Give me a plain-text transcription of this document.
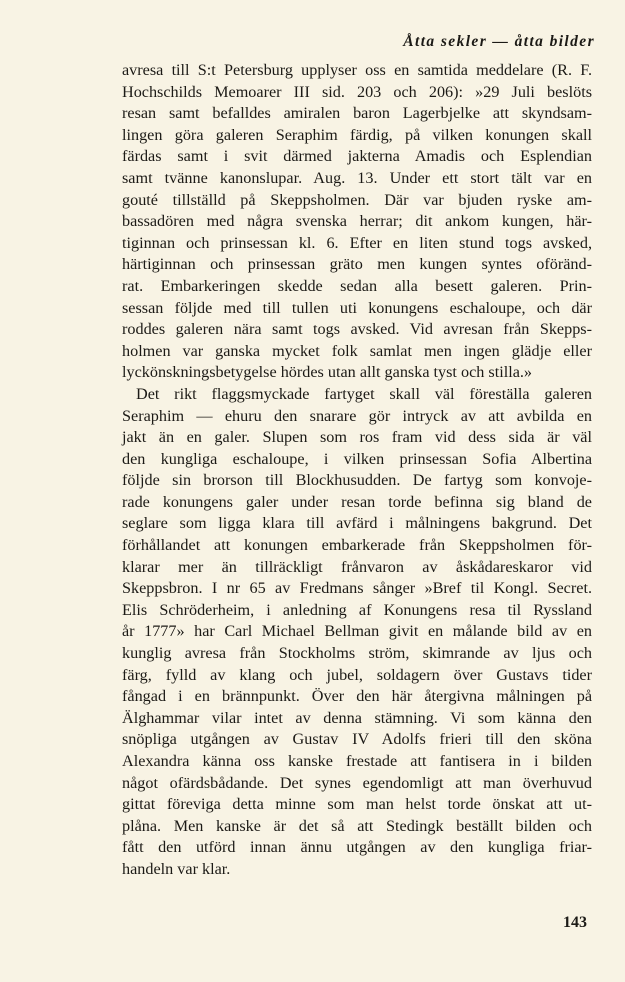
Åtta sekler — åtta bilder
avresa till S:t Petersburg upplyser oss en samtida meddelare (R. F.
Hochschilds Memoarer III sid. 203 och 206): »29 Juli beslöts
resan samt befalldes amiralen baron Lagerbjelke att skyndsam-
lingen göra galeren Seraphim färdig, på vilken konungen skall
färdas samt i svit därmed jakterna Amadis och Esplendian
samt tvänne kanonslupar. Aug. 13. Under ett stort tält var en
gouté tillställd på Skeppsholmen. Där var bjuden ryske am-
bassadören med några svenska herrar; dit ankom kungen, här-
tiginnan och prinsessan kl. 6. Efter en liten stund togs avsked,
härtiginnan och prinsessan gräto men kungen syntes oföränd-
rat. Embarkeringen skedde sedan alla besett galeren. Prin-
sessan följde med till tullen uti konungens eschaloupe, och där
roddes galeren nära samt togs avsked. Vid avresan från Skepps-
holmen var ganska mycket folk samlat men ingen glädje eller
lyckönskningsbetygelse hördes utan allt ganska tyst och stilla.»
Det rikt flaggsmyckade fartyget skall väl föreställa galeren
Seraphim — ehuru den snarare gör intryck av att avbilda en
jakt än en galer. Slupen som ros fram vid dess sida är väl
den kungliga eschaloupe, i vilken prinsessan Sofia Albertina
följde sin brorson till Blockhusudden. De fartyg som konvoje-
rade konungens galer under resan torde befinna sig bland de
seglare som ligga klara till avfärd i målningens bakgrund. Det
förhållandet att konungen embarkerade från Skeppsholmen för-
klarar mer än tillräckligt frånvaron av åskådareskaror vid
Skeppsbron. I nr 65 av Fredmans sånger »Bref til Kongl. Secret.
Elis Schröderheim, i anledning af Konungens resa til Ryssland
år 1777» har Carl Michael Bellman givit en målande bild av en
kunglig avresa från Stockholms ström, skimrande av ljus och
färg, fylld av klang och jubel, soldagern över Gustavs tider
fångad i en brännpunkt. Över den här återgivna målningen på
Älghammar vilar intet av denna stämning. Vi som känna den
snöpliga utgången av Gustav IV Adolfs frieri till den sköna
Alexandra känna oss kanske frestade att fantisera in i bilden
något ofärdsbådande. Det synes egendomligt att man överhuvud
gittat föreviga detta minne som man helst torde önskat att ut-
plåna. Men kanske är det så att Stedingk beställt bilden och
fått den utförd innan ännu utgången av den kungliga friar-
handeln var klar.
143
